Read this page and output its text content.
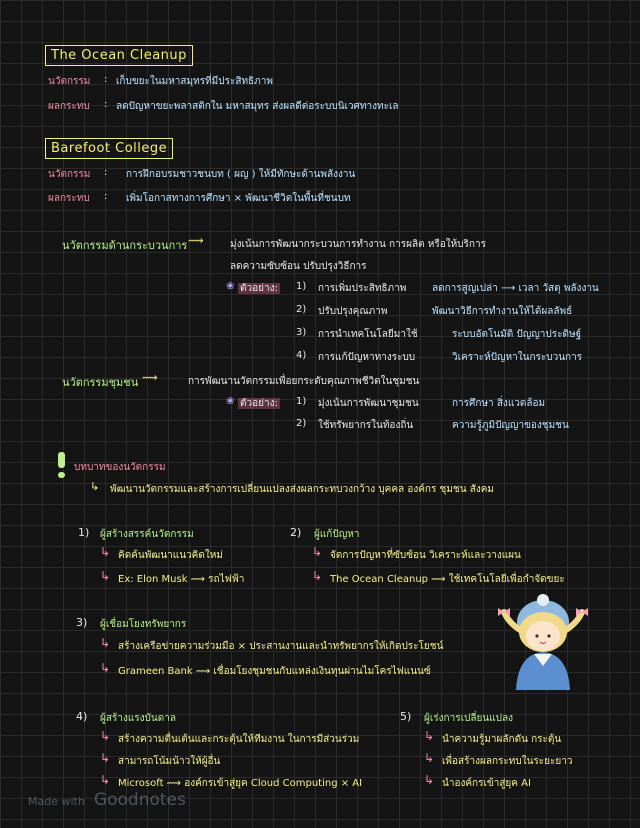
The Ocean Cleanup
นวัตกรรม : เก็บขยะในมหาสมุทรที่มีประสิทธิภาพ
ผลกระทบ : ลดปัญหาขยะพลาสติกใน มหาสมุทร ส่งผลดีต่อระบบนิเวศทางทะเล
Barefoot College
นวัตกรรม : การฝึกอบรมชาวชนบท ( ผญ ) ให้มีทักษะด้านพลังงาน
ผลกระทบ : เพิ่มโอกาสทางการศึกษา × พัฒนาชีวิตในพื้นที่ชนบท
นวัตกรรมด้านกระบวนการ ⟿	มุ่งเน้นการพัฒนากระบวนการทำงาน การผลิต หรือให้บริการ
ลดความซับซ้อน ปรับปรุงวิธีการ
❀ ตัวอย่าง: 1) การเพิ่มประสิทธิภาพ	ลดการสูญเปล่า ⟶ เวลา วัสดุ พลังงาน
2) ปรับปรุงคุณภาพ	พัฒนาวิธีการทำงานให้ได้ผลลัพธ์
3) การนำเทคโนโลยีมาใช้	ระบบอัตโนมัติ ปัญญาประดิษฐ์
4) การแก้ปัญหาทางระบบ	วิเคราะห์ปัญหาในกระบวนการ
นวัตกรรมชุมชน ⟿	การพัฒนานวัตกรรมเพื่อยกระดับคุณภาพชีวิตในชุมชน
❀ ตัวอย่าง: 1) มุ่งเน้นการพัฒนาชุมชน	การศึกษา สิ่งแวดล้อม
2) ใช้ทรัพยากรในท้องถิ่น	ความรู้ภูมิปัญญาของชุมชน
บทบาทของนวัตกรรม
↳ พัฒนานวัตกรรมและสร้างการเปลี่ยนแปลงส่งผลกระทบวงกว้าง บุคคล องค์กร ชุมชน สังคม
1) ผู้สร้างสรรค์นวัตกรรม
↳ คิดค้นพัฒนาแนวคิดใหม่
↳ Ex: Elon Musk ⟿ รถไฟฟ้า
2) ผู้แก้ปัญหา
↳ จัดการปัญหาที่ซับซ้อน วิเคราะห์และวางแผน
↳ The Ocean Cleanup ⟿ ใช้เทคโนโลยีเพื่อกำจัดขยะ
3) ผู้เชื่อมโยงทรัพยากร
↳ สร้างเครือข่ายความร่วมมือ × ประสานงานและนำทรัพยากรให้เกิดประโยชน์
↳ Grameen Bank ⟿ เชื่อมโยงชุมชนกับแหล่งเงินทุนผ่านไมโครไฟแนนซ์
4) ผู้สร้างแรงบันดาล
↳ สร้างความตื่นเต้นและกระตุ้นให้ทีมงาน ในการมีส่วนร่วม
↳ สามารถโน้มน้าวให้ผู้อื่น
↳ Microsoft ⟿ องค์กรเข้าสู่ยุค Cloud Computing × AI
5) ผู้เร่งการเปลี่ยนแปลง
↳ นำความรู้มาผลักดัน กระตุ้น
↳ เพื่อสร้างผลกระทบในระยะยาว
↳ นำองค์กรเข้าสู่ยุค AI
Made with Goodnotes
